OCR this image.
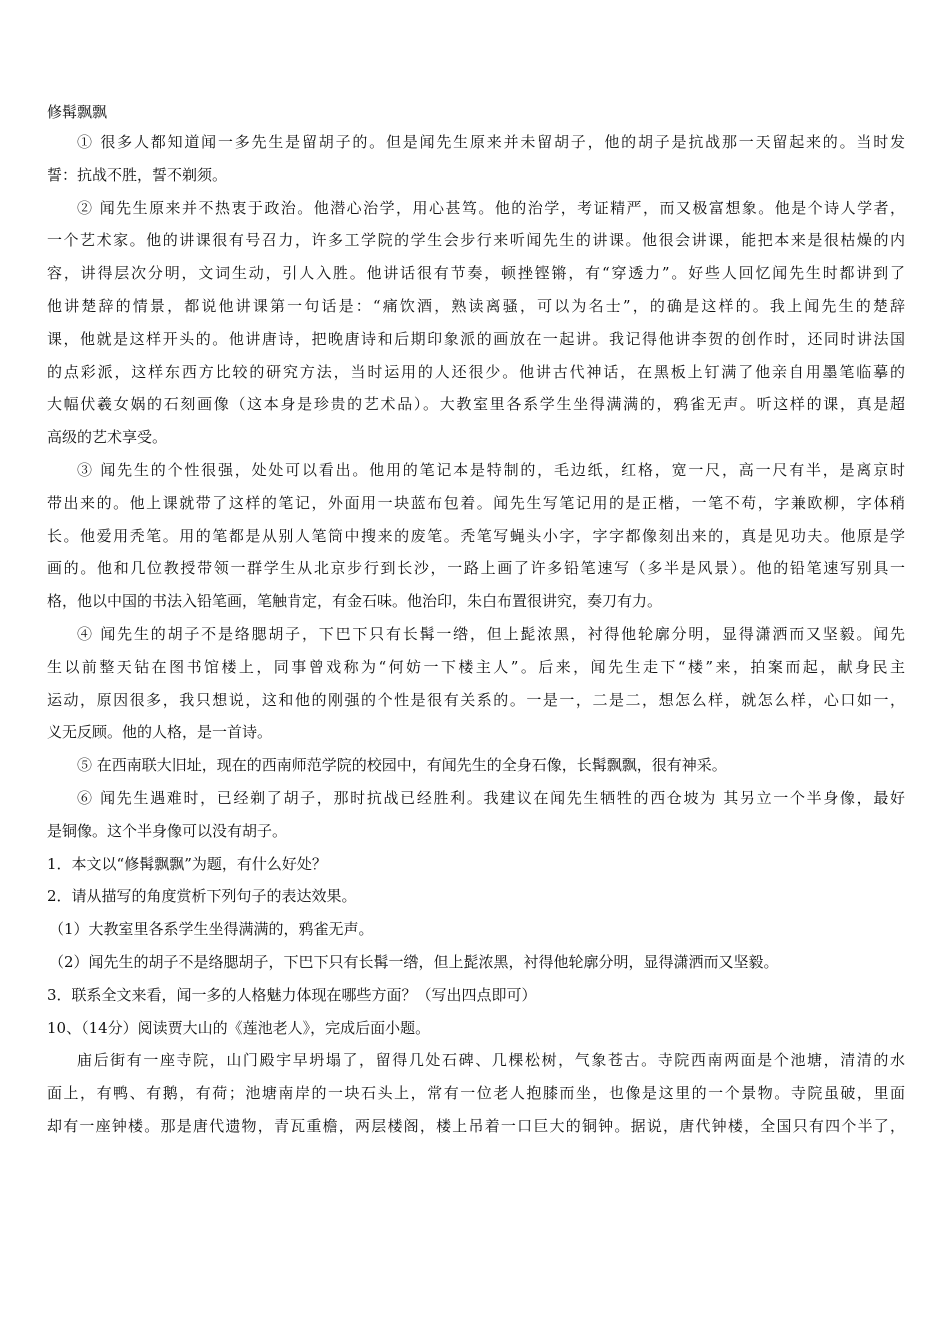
修髯飘飘
① 很多人都知道闻一多先生是留胡子的。但是闻先生原来并未留胡子，他的胡子是抗战那一天留起来的。当时发
誓：抗战不胜，誓不剃须。
② 闻先生原来并不热衷于政治。他潜心治学，用心甚笃。他的治学，考证精严，而又极富想象。他是个诗人学者，
一个艺术家。他的讲课很有号召力，许多工学院的学生会步行来听闻先生的讲课。他很会讲课，能把本来是很枯燥的内
容，讲得层次分明，文词生动，引人入胜。他讲话很有节奏，顿挫铿锵，有“穿透力”。好些人回忆闻先生时都讲到了
他讲楚辞的情景，都说他讲课第一句话是：“痛饮酒，熟读离骚，可以为名士”，的确是这样的。我上闻先生的楚辞
课，他就是这样开头的。他讲唐诗，把晚唐诗和后期印象派的画放在一起讲。我记得他讲李贺的创作时，还同时讲法国
的点彩派，这样东西方比较的研究方法，当时运用的人还很少。他讲古代神话，在黑板上钉满了他亲自用墨笔临摹的
大幅伏羲女娲的石刻画像（这本身是珍贵的艺术品）。大教室里各系学生坐得满满的，鸦雀无声。听这样的课，真是超
高级的艺术享受。
③ 闻先生的个性很强，处处可以看出。他用的笔记本是特制的，毛边纸，红格，宽一尺，高一尺有半，是离京时
带出来的。他上课就带了这样的笔记，外面用一块蓝布包着。闻先生写笔记用的是正楷，一笔不苟，字兼欧柳，字体稍
长。他爱用秃笔。用的笔都是从别人笔筒中搜来的废笔。秃笔写蝇头小字，字字都像刻出来的，真是见功夫。他原是学
画的。他和几位教授带领一群学生从北京步行到长沙，一路上画了许多铅笔速写（多半是风景）。他的铅笔速写别具一
格，他以中国的书法入铅笔画，笔触肯定，有金石味。他治印，朱白布置很讲究，奏刀有力。
④ 闻先生的胡子不是络腮胡子，下巴下只有长髯一绺，但上髭浓黑，衬得他轮廓分明，显得潇洒而又坚毅。闻先
生以前整天钻在图书馆楼上，同事曾戏称为“何妨一下楼主人”。后来，闻先生走下“楼”来，拍案而起，献身民主
运动，原因很多，我只想说，这和他的刚强的个性是很有关系的。一是一，二是二，想怎么样，就怎么样，心口如一，
义无反顾。他的人格，是一首诗。
⑤ 在西南联大旧址，现在的西南师范学院的校园中，有闻先生的全身石像，长髯飘飘，很有神采。
⑥ 闻先生遇难时，已经剃了胡子，那时抗战已经胜利。我建议在闻先生牺牲的西仓坡为 其另立一个半身像，最好
是铜像。这个半身像可以没有胡子。
1．本文以“修髯飘飘”为题，有什么好处？
2．请从描写的角度赏析下列句子的表达效果。
（1）大教室里各系学生坐得满满的，鸦雀无声。
（2）闻先生的胡子不是络腮胡子，下巴下只有长髯一绺，但上髭浓黑，衬得他轮廓分明，显得潇洒而又坚毅。
3．联系全文来看，闻一多的人格魅力体现在哪些方面？（写出四点即可）
10、（14分）阅读贾大山的《莲池老人》，完成后面小题。
庙后街有一座寺院，山门殿宇早坍塌了，留得几处石碑、几棵松树，气象苍古。寺院西南两面是个池塘，清清的水
面上，有鸭、有鹅，有荷；池塘南岸的一块石头上，常有一位老人抱膝而坐，也像是这里的一个景物。寺院虽破，里面
却有一座钟楼。那是唐代遗物，青瓦重檐，两层楼阁，楼上吊着一口巨大的铜钟。据说，唐代钟楼，全国只有四个半了，
